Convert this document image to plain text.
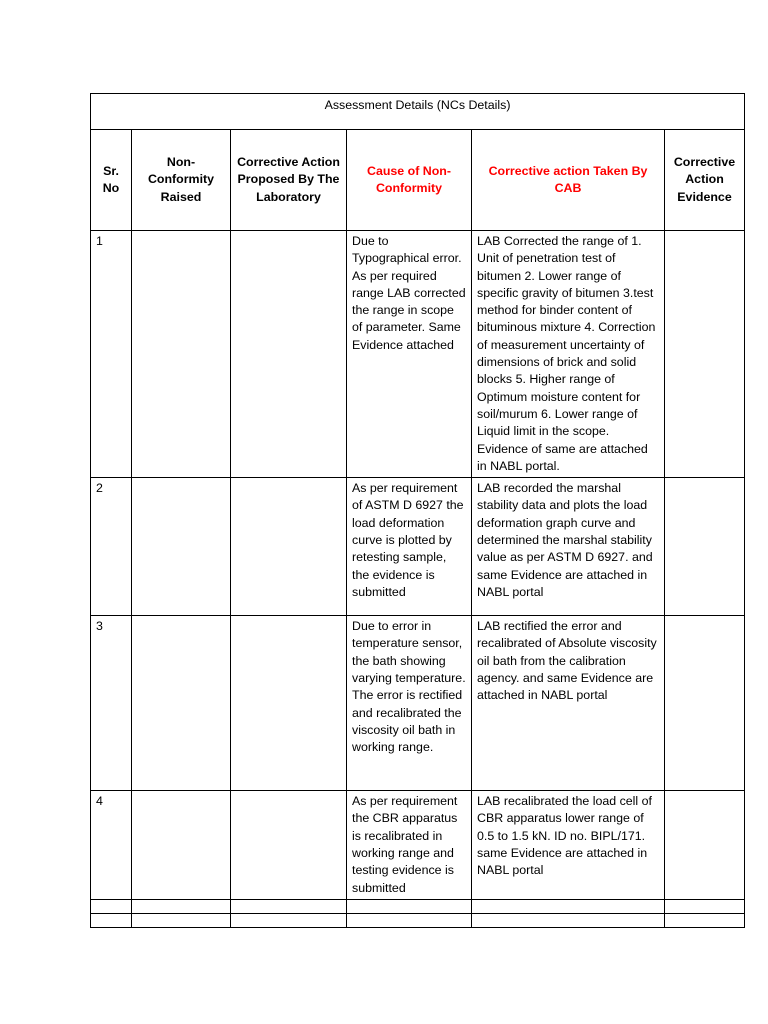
Assessment Details (NCs Details)					
Sr. No	Non-Conformity Raised	Corrective Action Proposed By The Laboratory	Cause of Non-Conformity	Corrective action Taken By CAB	Corrective Action Evidence
1			Due to Typographical error. As per required range LAB corrected the range in scope of parameter. Same Evidence attached	LAB Corrected the range of 1. Unit of penetration test of bitumen 2. Lower range of specific gravity of bitumen 3.test method for binder content of bituminous mixture 4. Correction of measurement uncertainty of dimensions of brick and solid blocks 5. Higher range of Optimum moisture content for soil/murum 6. Lower range of Liquid limit in the scope. Evidence of same are attached in NABL portal.	
2			As per requirement of ASTM D 6927 the load deformation curve is plotted by retesting sample, the evidence is submitted	LAB recorded the marshal stability data and plots the load deformation graph curve and determined the marshal stability value as per ASTM D 6927. and same Evidence are attached in NABL portal	
3			Due to error in temperature sensor, the bath showing varying temperature. The error is rectified and recalibrated the viscosity oil bath in working range.	LAB rectified the error and recalibrated of Absolute viscosity oil bath from the calibration agency. and same Evidence are attached in NABL portal	
4			As per requirement the CBR apparatus is recalibrated in working range and testing evidence is submitted	LAB recalibrated the load cell of CBR apparatus lower range of 0.5 to 1.5 kN. ID no. BIPL/171. same Evidence are attached in NABL portal	
